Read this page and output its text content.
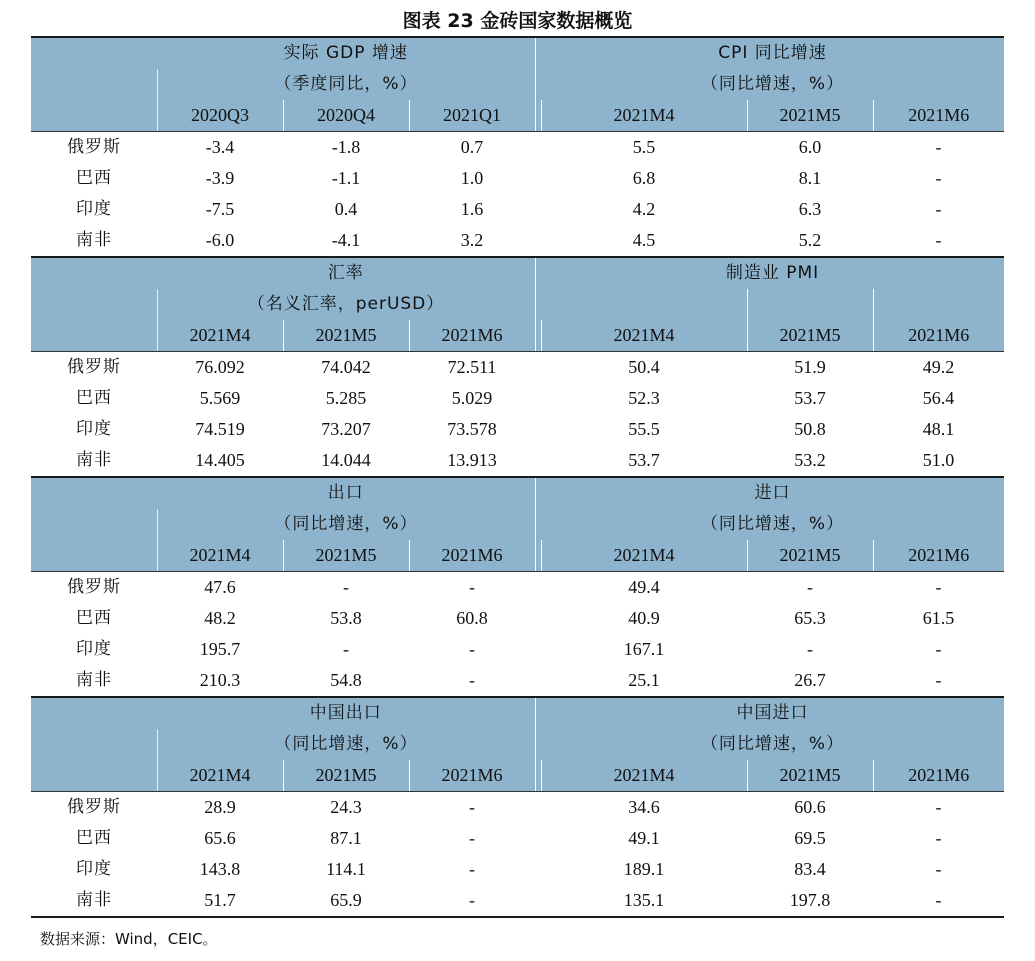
图表 23 金砖国家数据概览
	实际 GDP 增速				CPI 同比增速		
	（季度同比，%）				（同比增速，%）		
	2020Q3	2020Q4	2021Q1		2021M4	2021M5	2021M6
俄罗斯	-3.4	-1.8	0.7		5.5	6.0	-
巴西	-3.9	-1.1	1.0		6.8	8.1	-
印度	-7.5	0.4	1.6		4.2	6.3	-
南非	-6.0	-4.1	3.2		4.5	5.2	-
	汇率				制造业 PMI		
	（名义汇率，perUSD）						
	2021M4	2021M5	2021M6		2021M4	2021M5	2021M6
俄罗斯	76.092	74.042	72.511		50.4	51.9	49.2
巴西	5.569	5.285	5.029		52.3	53.7	56.4
印度	74.519	73.207	73.578		55.5	50.8	48.1
南非	14.405	14.044	13.913		53.7	53.2	51.0
	出口				进口		
	（同比增速，%）				（同比增速，%）		
	2021M4	2021M5	2021M6		2021M4	2021M5	2021M6
俄罗斯	47.6	-	-		49.4	-	-
巴西	48.2	53.8	60.8		40.9	65.3	61.5
印度	195.7	-	-		167.1	-	-
南非	210.3	54.8	-		25.1	26.7	-
	中国出口				中国进口		
	（同比增速，%）				（同比增速，%）		
	2021M4	2021M5	2021M6		2021M4	2021M5	2021M6
俄罗斯	28.9	24.3	-		34.6	60.6	-
巴西	65.6	87.1	-		49.1	69.5	-
印度	143.8	114.1	-		189.1	83.4	-
南非	51.7	65.9	-		135.1	197.8	-
数据来源：Wind，CEIC。
